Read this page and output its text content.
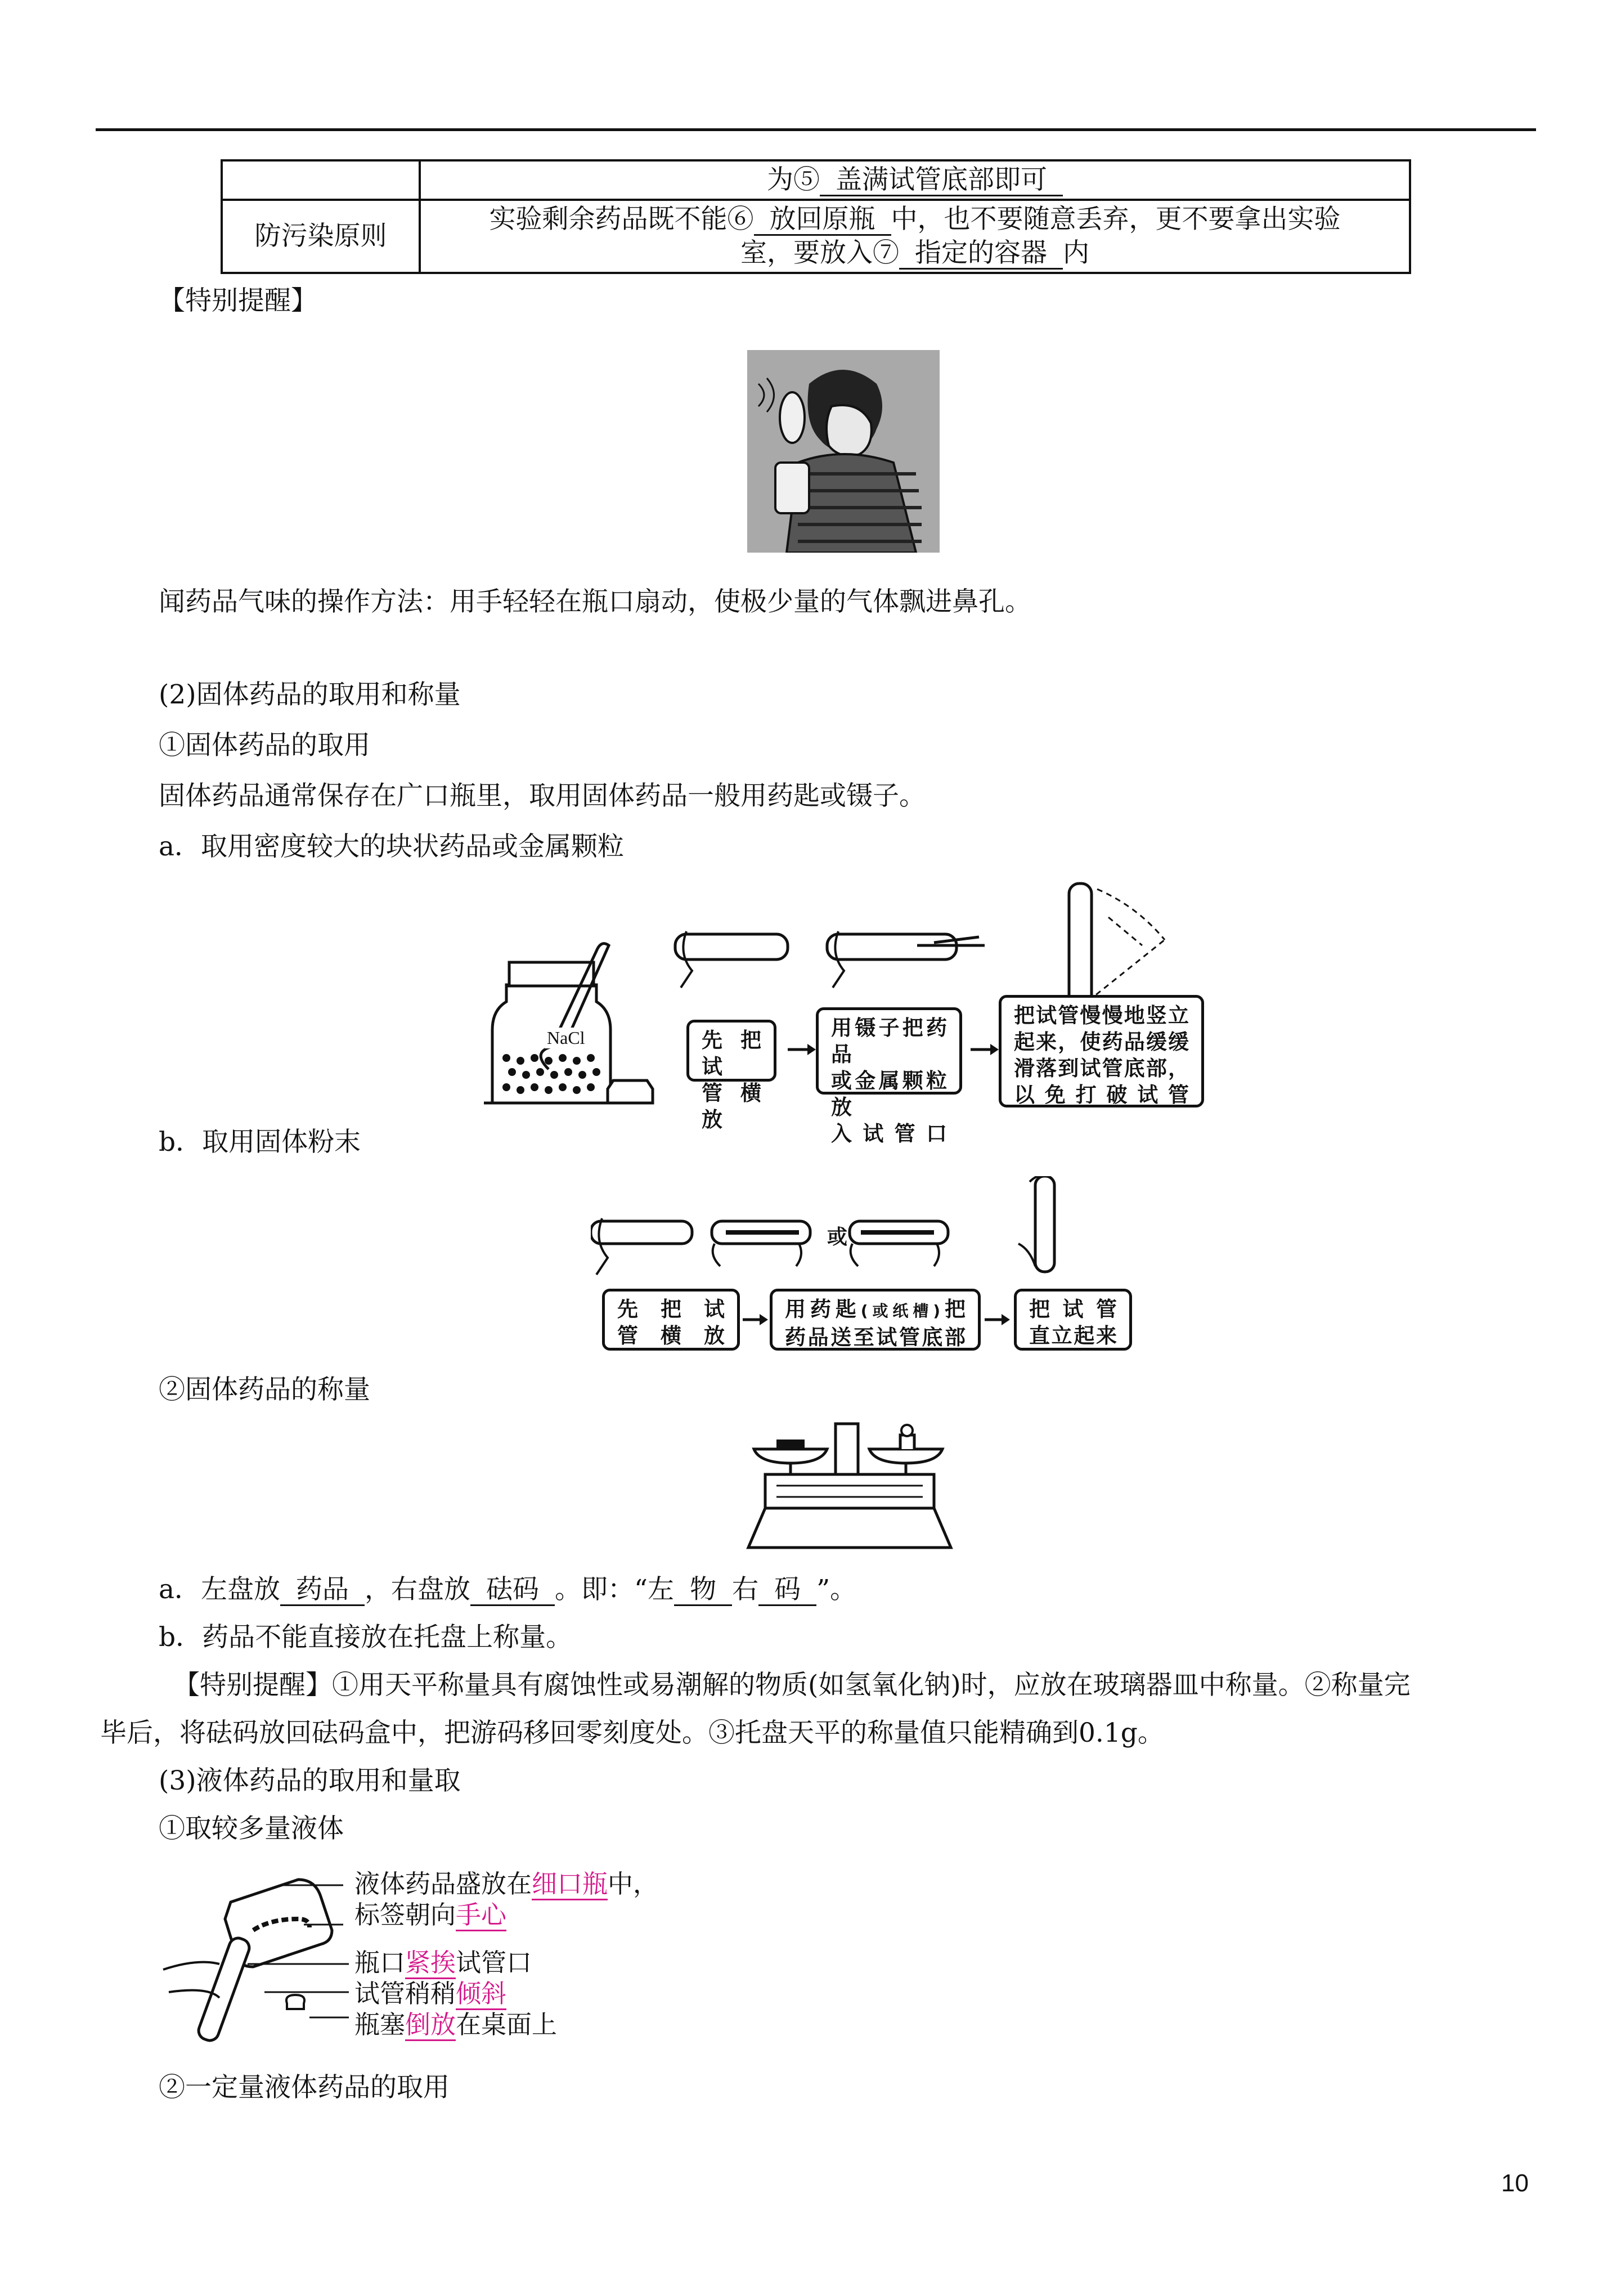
	为⑤ 盖满试管底部即可
防污染原则	实验剩余药品既不能⑥ 放回原瓶 中，也不要随意丢弃，更不要拿出实验
室，要放入⑦ 指定的容器 内
【特别提醒】
闻药品气味的操作方法：用手轻轻在瓶口扇动，使极少量的气体飘进鼻孔。
(2)固体药品的取用和称量
①固体药品的取用
固体药品通常保存在广口瓶里，取用固体药品一般用药匙或镊子。
a．取用密度较大的块状药品或金属颗粒
NaCl	先把试
管横放
用镊子把药品
或金属颗粒放
入试管口
把试管慢慢地竖立
起来，使药品缓缓
滑落到试管底部，
以免打破试管
b．取用固体粉末
或
先把试
管横放
用药匙(或纸槽)把
药品送至试管底部
把试管
直立起来
②固体药品的称量
a．左盘放 药品 ，右盘放 砝码 。即：“左 物 右 码 ”。
b．药品不能直接放在托盘上称量。
【特别提醒】①用天平称量具有腐蚀性或易潮解的物质(如氢氧化钠)时，应放在玻璃器皿中称量。②称量完
毕后，将砝码放回砝码盒中，把游码移回零刻度处。③托盘天平的称量值只能精确到0.1g。
(3)液体药品的取用和量取
①取较多量液体
液体药品盛放在细口瓶中，
标签朝向手心
瓶口紧挨试管口
试管稍稍倾斜
瓶塞倒放在桌面上
②一定量液体药品的取用
10
